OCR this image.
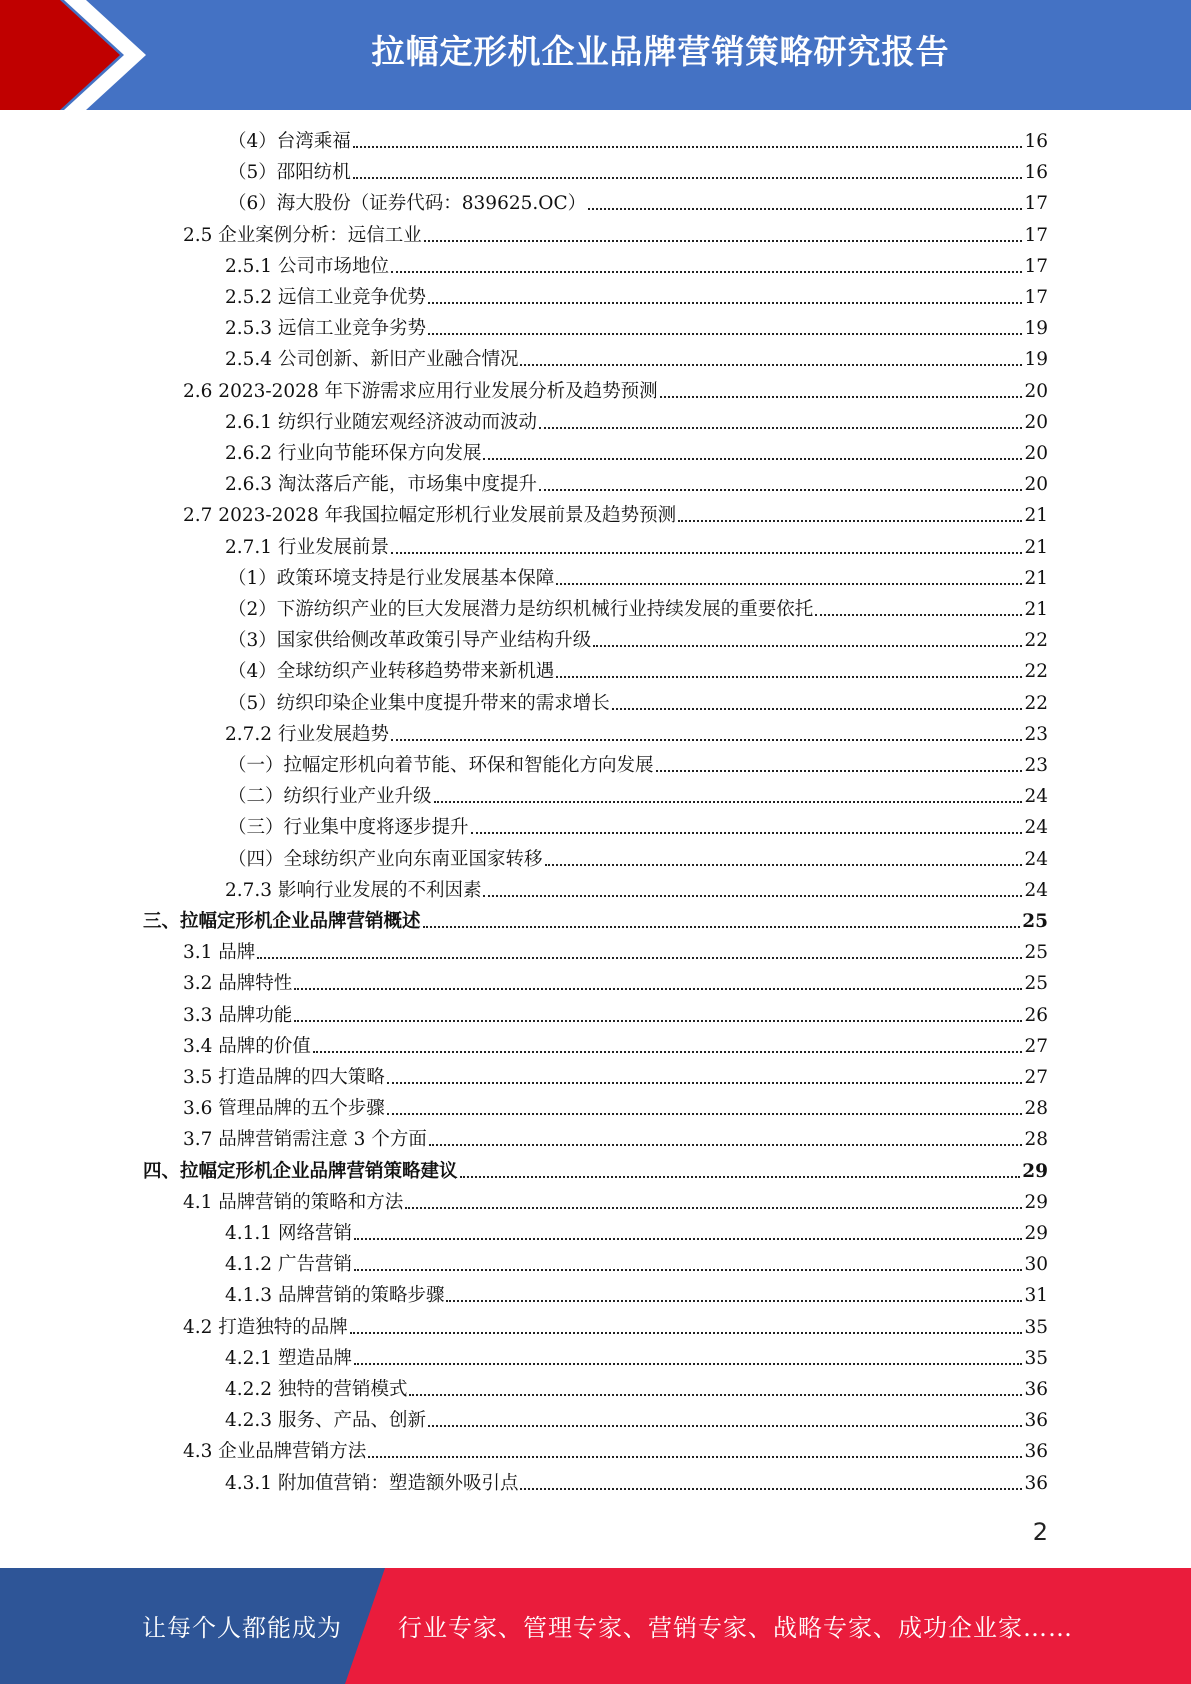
拉幅定形机企业品牌营销策略研究报告
（4）台湾乘福	16
（5）邵阳纺机	16
（6）海大股份（证券代码：839625.OC）	17
2.5 企业案例分析：远信工业	17
2.5.1 公司市场地位	17
2.5.2 远信工业竞争优势	17
2.5.3 远信工业竞争劣势	19
2.5.4 公司创新、新旧产业融合情况	19
2.6 2023-2028 年下游需求应用行业发展分析及趋势预测	20
2.6.1 纺织行业随宏观经济波动而波动	20
2.6.2 行业向节能环保方向发展	20
2.6.3 淘汰落后产能，市场集中度提升	20
2.7 2023-2028 年我国拉幅定形机行业发展前景及趋势预测	21
2.7.1 行业发展前景	21
（1）政策环境支持是行业发展基本保障	21
（2）下游纺织产业的巨大发展潜力是纺织机械行业持续发展的重要依托	21
（3）国家供给侧改革政策引导产业结构升级	22
（4）全球纺织产业转移趋势带来新机遇	22
（5）纺织印染企业集中度提升带来的需求增长	22
2.7.2 行业发展趋势	23
（一）拉幅定形机向着节能、环保和智能化方向发展	23
（二）纺织行业产业升级	24
（三）行业集中度将逐步提升	24
（四）全球纺织产业向东南亚国家转移	24
2.7.3 影响行业发展的不利因素	24
三、拉幅定形机企业品牌营销概述	25
3.1 品牌	25
3.2 品牌特性	25
3.3 品牌功能	26
3.4 品牌的价值	27
3.5 打造品牌的四大策略	27
3.6 管理品牌的五个步骤	28
3.7 品牌营销需注意 3 个方面	28
四、拉幅定形机企业品牌营销策略建议	29
4.1 品牌营销的策略和方法	29
4.1.1 网络营销	29
4.1.2 广告营销	30
4.1.3 品牌营销的策略步骤	31
4.2 打造独特的品牌	35
4.2.1 塑造品牌	35
4.2.2 独特的营销模式	36
4.2.3 服务、产品、创新	36
4.3 企业品牌营销方法	36
4.3.1 附加值营销：塑造额外吸引点	36
2
让每个人都能成为 行业专家、管理专家、营销专家、战略专家、成功企业家……
